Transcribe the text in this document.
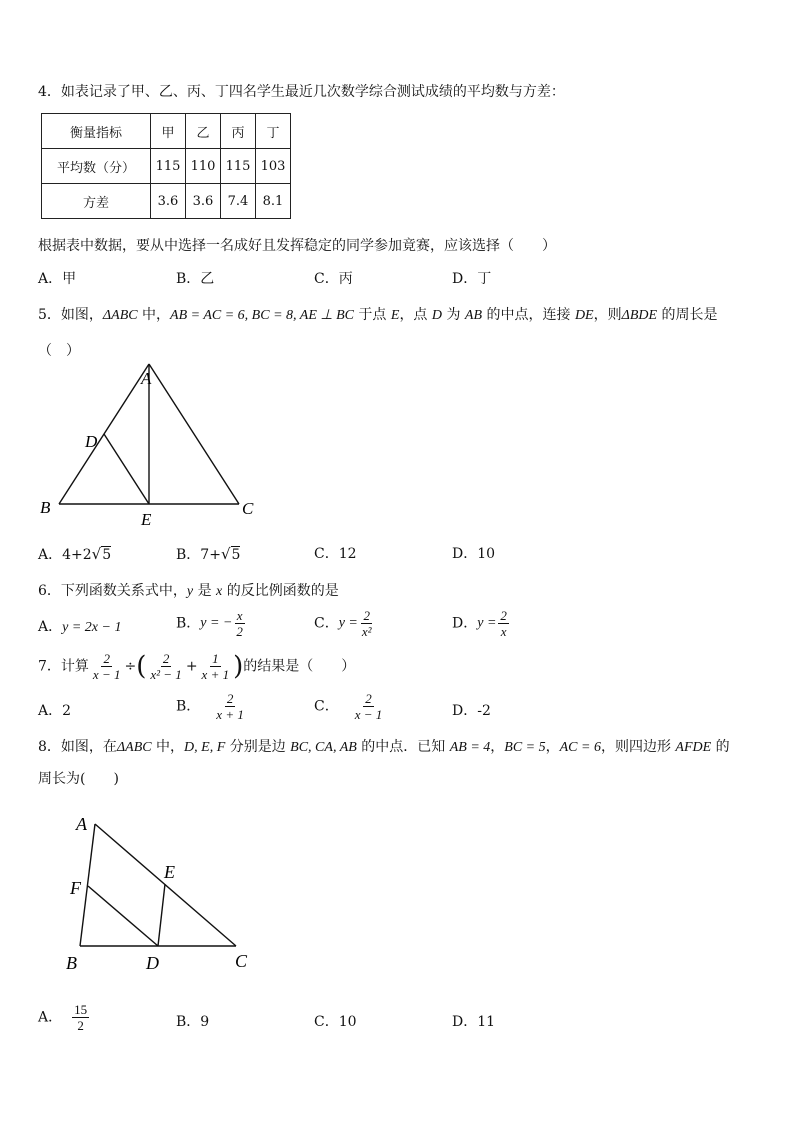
4．如表记录了甲、乙、丙、丁四名学生最近几次数学综合测试成绩的平均数与方差：
衡量指标	甲	乙	丙	丁
平均数（分）	115	110	115	103
方差	3.6	3.6	7.4	8.1
根据表中数据，要从中选择一名成好且发挥稳定的同学参加竟赛，应该选择（　　）
A．甲	B．乙	C．丙	D．丁
5．如图，ΔABC 中，AB = AC = 6, BC = 8, AE ⊥ BC 于点 E，点 D 为 AB 的中点，连接 DE，则ΔBDE 的周长是
（　）
A
D
B
E
C
A．4+2√5	B．7+√5	C．12	D．10
6．下列函数关系式中，y 是 x 的反比例函数的是
A．y = 2x − 1	B．y = − $\frac{x}{2}$	C．$y = \frac{2}{\text{x²}}$	D．$y = \frac{2}{x}$
7．计算 $\frac{2}{x - 1}$ ÷( $\frac{2}{\text{x² − 1}} + \frac{1}{x + 1}$ )的结果是（　　）
A．2	B． $\frac{2}{x + 1}$	C． $\frac{2}{x - 1}$	D．-2
8．如图，在ΔABC 中，D, E, F 分别是边 BC, CA, AB 的中点．已知 AB = 4，BC = 5，AC = 6，则四边形 AFDE 的
周长为(　　)
A
F
E
B	D	C
A． $\frac{15}{2}$	B．9	C．10	D．11
